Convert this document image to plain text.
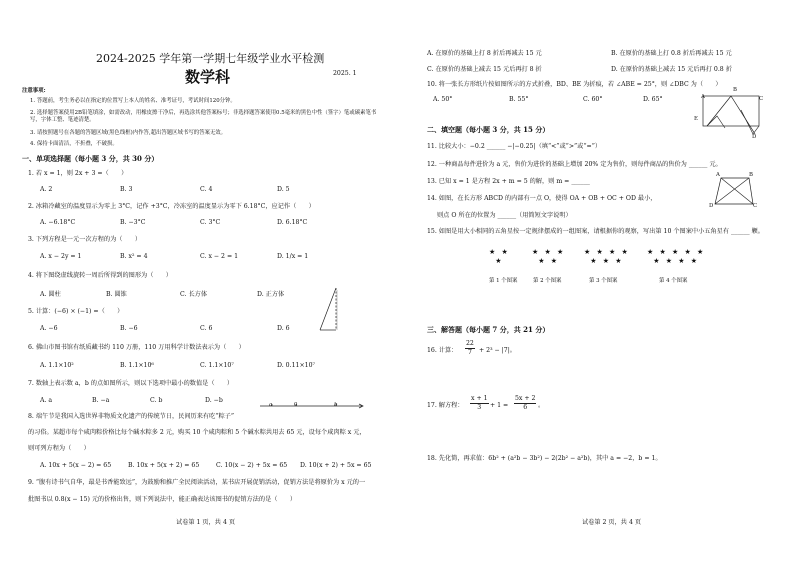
2024-2025 学年第一学期七年级学业水平检测
数学科	2025. 1
注意事项:
1. 答题前，考生务必以在指定的位置写上本人的姓名、准考证号，考试时间120分钟。
2. 选择题答案使用2B铅笔填涂，如需改动，用橡皮擦干净后，再选涂其他答案标号；非选择题答案使用0.5毫米的黑色中性（签字）笔或碳素笔书写，字体工整、笔迹清楚。
3. 请按照题号在各题的答题区域(黑色线框)内作答,超出答题区域书写的答案无效。
4. 保持卡面清洁，不折叠，不破损。
一、单项选择题（每小题 3 分，共 30 分）
1. 若 x = 1，则 2x + 3 =（　　）
A. 2	B. 3	C. 4	D. 5
2. 冰箱冷藏室的温度显示为零上 3°C，记作 +3°C，冷冻室的温度显示为零下 6.18°C，应记作（　　）
A. −6.18°C	B. −3°C	C. 3°C	D. 6.18°C
3. 下列方程是一元一次方程的为（　　）
A. x − 2y = 1	B. x² = 4	C. x − 2 = 1	D. 1/x = 1
4. 将下图绕虚线旋转一周后所得到的图形为（　　）
A. 圆柱	B. 圆锥	C. 长方体	D. 正方体
5. 计算：(−6) × (−1) =（　　）
A. −6	B. −6	C. 6	D. 6
6. 佛山市图书馆有纸质藏书约 110 万册，110 万用科学计数法表示为（　　）
A. 1.1×10²	B. 1.1×10⁶	C. 1.1×10⁷	D. 0.11×10⁷
7. 数轴上表示数 a，b 的点如图所示，则以下选项中最小的数值是（　　）
A. a	B. −a	C. b	D. −b
a	0	b
8. 端午节是我国入选世界非物质文化遗产的传统节日，民间历来有吃“粽子”
的习俗。某超市每个咸肉粽价格比每个碱水粽多 2 元，购买 10 个咸肉粽和 5 个碱水粽共用去 65 元，设每个咸肉粽 x 元，
则可列方程为（　　）
A. 10x + 5(x − 2) = 65	B. 10x + 5(x + 2) = 65	C. 10(x − 2) + 5x = 65 D. 10(x + 2) + 5x = 65
9. “腹有诗书气自华，最是书香能致远”，为鼓励和推广全民阅读活动，某书店开展促销活动，促销方法是将原价为 x 元的一
批图书以 0.8(x − 15) 元的价格出售，则下列说法中，能正确表达该图书的促销方法的是（　　）
试卷第 1 页，共 4 页
A. 在原价的基础上打 8 折后再减去 15 元	B. 在原价的基础上打 0.8 折后再减去 15 元
C. 在原价的基础上减去 15 元后再打 8 折	D. 在原价的基础上减去 15 元后再打 0.8 折
10. 将一张长方形纸片按如图所示的方式折叠，BD、BE 为折痕，若 ∠ABE = 25°，则 ∠DBC 为（　　）
A. 50°	B. 55°	C. 60°	D. 65°	A
B
C
D
E
二、填空题（每小题 3 分，共 15 分）
11. 比较大小：−0.2 ______ −|−0.25|（填“<”或“>”或“=”）
12. 一种商品每件进价为 a 元，售价为进价的基础上增加 20% 定为售价，则每件商品的售价为 ______ 元。
13. 已知 x = 1 是方程 2x + m = 5 的解，则 m = ______
14. 如图，在长方形 ABCD 的内部有一点 O，使得 OA + OB + OC + OD 最小，
则点 O 所在的位置为 ______（用简短文字说明）
A	B
C
D
15. 如图是用大小相同的五角星按一定规律摆成的一组图案，请根据你的观察，写出第 10 个图案中小五角星有 ______ 颗。
★ ★
★
★ ★ ★
★ ★
★ ★ ★ ★
★ ★ ★
★ ★ ★ ★ ★
★ ★ ★ ★
第 1 个图案	第 2 个图案	第 3 个图案	第 4 个图案
三、解答题（每小题 7 分，共 21 分）
16. 计算： $\frac{22}{7} + 2^3 - |7|$。
17. 解方程：
x + 1
3	+ 1 =
5x + 2
6	。
18. 先化简，再求值：6b² + (a²b − 3b²) − 2(2b² − a²b)，其中 a = −2，b = 1。
试卷第 2 页，共 4 页
